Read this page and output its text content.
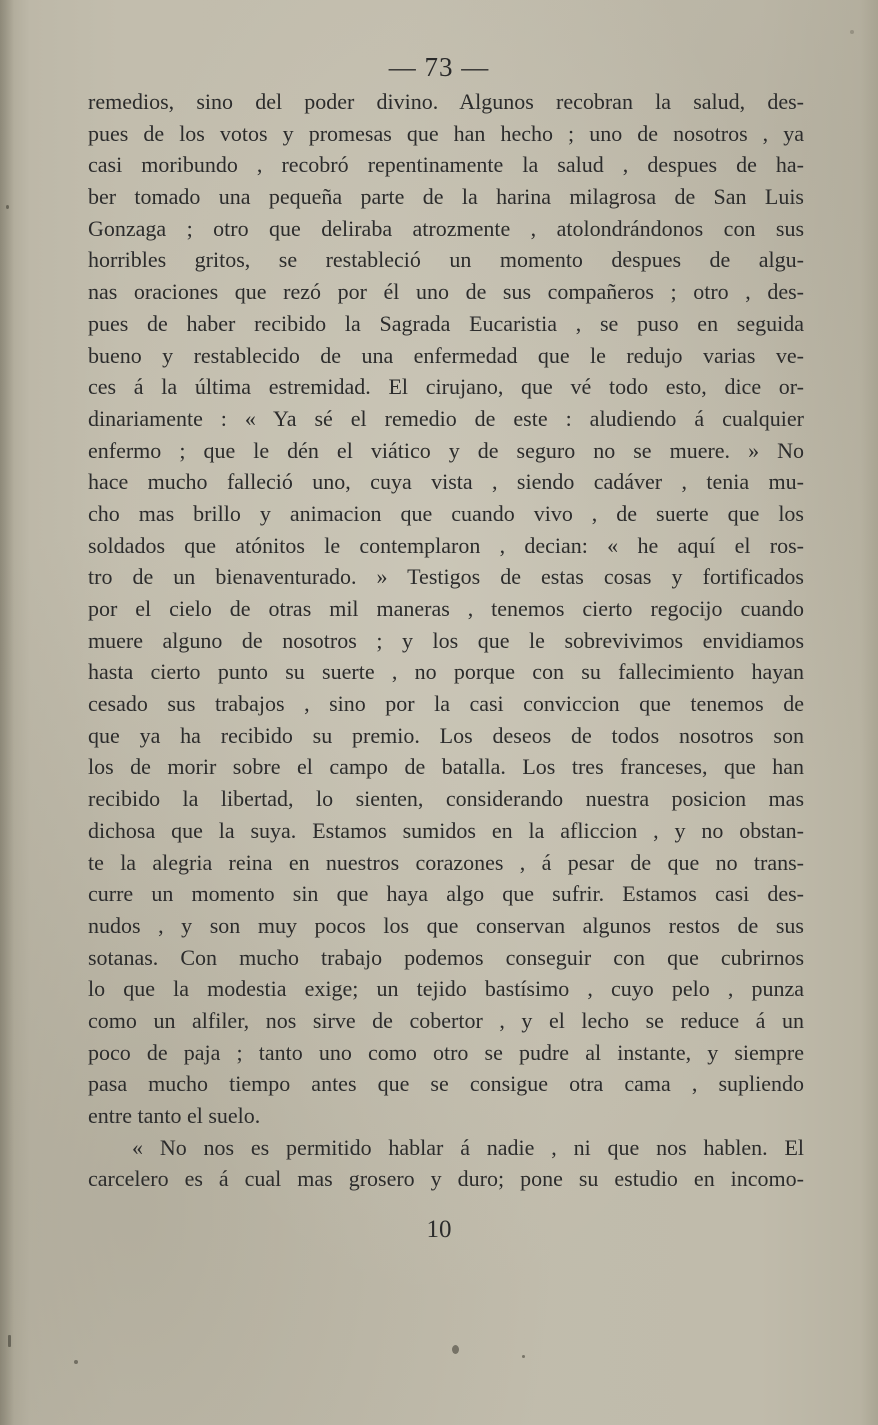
— 73 —
remedios, sino del poder divino. Algunos recobran la salud, des-
pues de los votos y promesas que han hecho ; uno de nosotros , ya
casi moribundo , recobró repentinamente la salud , despues de ha-
ber tomado una pequeña parte de la harina milagrosa de San Luis
Gonzaga ; otro que deliraba atrozmente , atolondrándonos con sus
horribles gritos, se restableció un momento despues de algu-
nas oraciones que rezó por él uno de sus compañeros ; otro , des-
pues de haber recibido la Sagrada Eucaristia , se puso en seguida
bueno y restablecido de una enfermedad que le redujo varias ve-
ces á la última estremidad. El cirujano, que vé todo esto, dice or-
dinariamente : « Ya sé el remedio de este : aludiendo á cualquier
enfermo ; que le dén el viático y de seguro no se muere. » No
hace mucho falleció uno, cuya vista , siendo cadáver , tenia mu-
cho mas brillo y animacion que cuando vivo , de suerte que los
soldados que atónitos le contemplaron , decian: « he aquí el ros-
tro de un bienaventurado. » Testigos de estas cosas y fortificados
por el cielo de otras mil maneras , tenemos cierto regocijo cuando
muere alguno de nosotros ; y los que le sobrevivimos envidiamos
hasta cierto punto su suerte , no porque con su fallecimiento hayan
cesado sus trabajos , sino por la casi conviccion que tenemos de
que ya ha recibido su premio. Los deseos de todos nosotros son
los de morir sobre el campo de batalla. Los tres franceses, que han
recibido la libertad, lo sienten, considerando nuestra posicion mas
dichosa que la suya. Estamos sumidos en la afliccion , y no obstan-
te la alegria reina en nuestros corazones , á pesar de que no trans-
curre un momento sin que haya algo que sufrir. Estamos casi des-
nudos , y son muy pocos los que conservan algunos restos de sus
sotanas. Con mucho trabajo podemos conseguir con que cubrirnos
lo que la modestia exige; un tejido bastísimo , cuyo pelo , punza
como un alfiler, nos sirve de cobertor , y el lecho se reduce á un
poco de paja ; tanto uno como otro se pudre al instante, y siempre
pasa mucho tiempo antes que se consigue otra cama , supliendo
entre tanto el suelo.
« No nos es permitido hablar á nadie , ni que nos hablen. El
carcelero es á cual mas grosero y duro; pone su estudio en incomo-
10
